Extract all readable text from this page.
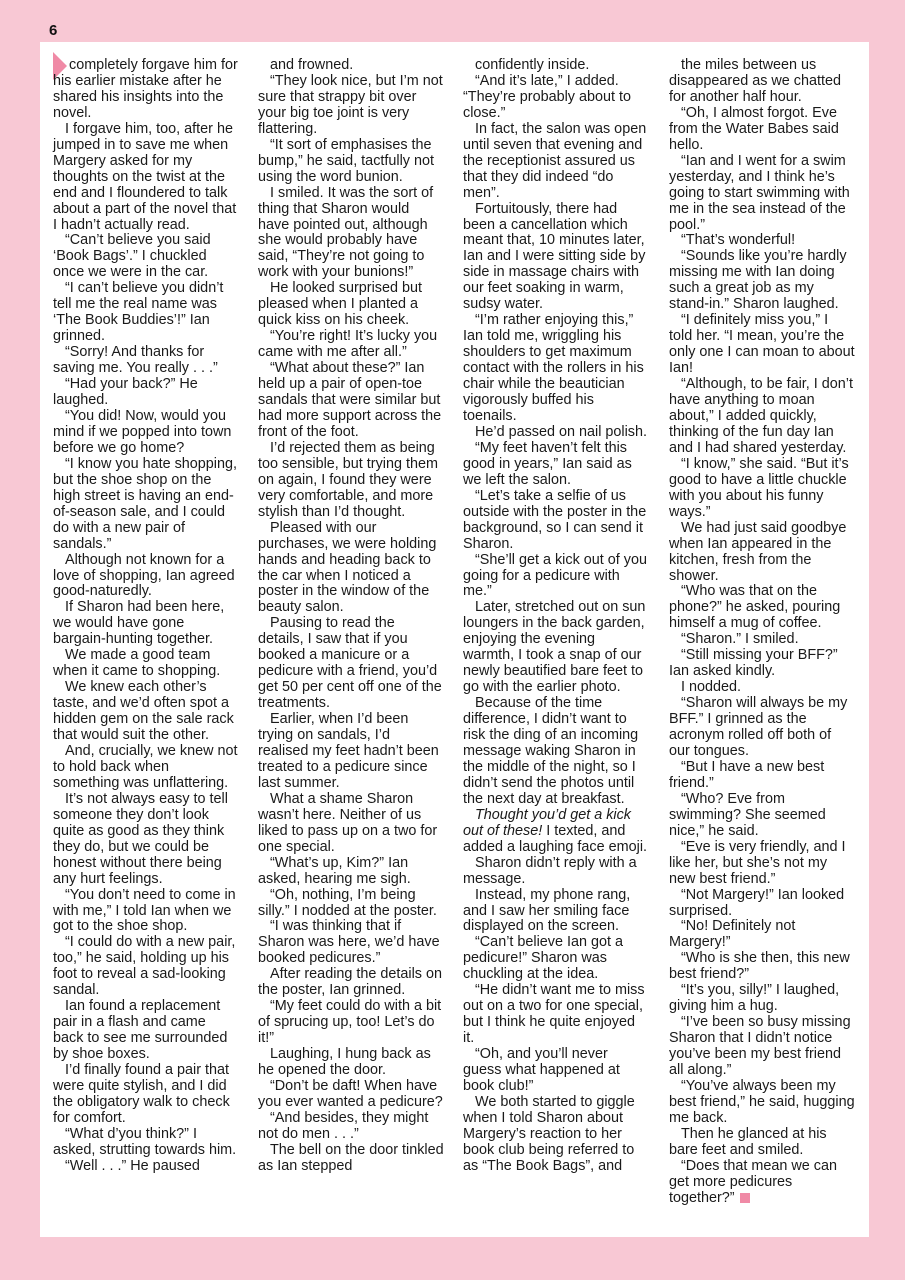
6

completely forgave him for his earlier mistake after he shared his insights into the novel.

I forgave him, too, after he jumped in to save me when Margery asked for my thoughts on the twist at the end and I floundered to talk about a part of the novel that I hadn’t actually read.

“Can’t believe you said ‘Book Bags’.” I chuckled once we were in the car.

“I can’t believe you didn’t tell me the real name was ‘The Book Buddies’!” Ian grinned.

“Sorry! And thanks for saving me. You really . . .”

“Had your back?” He laughed.

“You did! Now, would you mind if we popped into town before we go home?

“I know you hate shopping, but the shoe shop on the high street is having an end-of-season sale, and I could do with a new pair of sandals.”

Although not known for a love of shopping, Ian agreed good-naturedly.

If Sharon had been here, we would have gone bargain-hunting together.

We made a good team when it came to shopping.

We knew each other’s taste, and we’d often spot a hidden gem on the sale rack that would suit the other.

And, crucially, we knew not to hold back when something was unflattering.

It’s not always easy to tell someone they don’t look quite as good as they think they do, but we could be honest without there being any hurt feelings.

“You don’t need to come in with me,” I told Ian when we got to the shoe shop.

“I could do with a new pair, too,” he said, holding up his foot to reveal a sad-looking sandal.

Ian found a replacement pair in a flash and came back to see me surrounded by shoe boxes.

I’d finally found a pair that were quite stylish, and I did the obligatory walk to check for comfort.

“What d’you think?” I asked, strutting towards him.

“Well . . .” He paused

and frowned.

“They look nice, but I’m not sure that strappy bit over your big toe joint is very flattering.

“It sort of emphasises the bump,” he said, tactfully not using the word bunion.

I smiled. It was the sort of thing that Sharon would have pointed out, although she would probably have said, “They’re not going to work with your bunions!”

He looked surprised but pleased when I planted a quick kiss on his cheek.

“You’re right! It’s lucky you came with me after all.”

“What about these?” Ian held up a pair of open-toe sandals that were similar but had more support across the front of the foot.

I’d rejected them as being too sensible, but trying them on again, I found they were very comfortable, and more stylish than I’d thought.

Pleased with our purchases, we were holding hands and heading back to the car when I noticed a poster in the window of the beauty salon.

Pausing to read the details, I saw that if you booked a manicure or a pedicure with a friend, you’d get 50 per cent off one of the treatments.

Earlier, when I’d been trying on sandals, I’d realised my feet hadn’t been treated to a pedicure since last summer.

What a shame Sharon wasn’t here. Neither of us liked to pass up on a two for one special.

“What’s up, Kim?” Ian asked, hearing me sigh.

“Oh, nothing, I’m being silly.” I nodded at the poster.

“I was thinking that if Sharon was here, we’d have booked pedicures.”

After reading the details on the poster, Ian grinned.

“My feet could do with a bit of sprucing up, too! Let’s do it!”

Laughing, I hung back as he opened the door.

“Don’t be daft! When have you ever wanted a pedicure?

“And besides, they might not do men . . .”

The bell on the door tinkled as Ian stepped

confidently inside.

“And it’s late,” I added. “They’re probably about to close.”

In fact, the salon was open until seven that evening and the receptionist assured us that they did indeed “do men”.

Fortuitously, there had been a cancellation which meant that, 10 minutes later, Ian and I were sitting side by side in massage chairs with our feet soaking in warm, sudsy water.

“I’m rather enjoying this,” Ian told me, wriggling his shoulders to get maximum contact with the rollers in his chair while the beautician vigorously buffed his toenails.

He’d passed on nail polish.

“My feet haven’t felt this good in years,” Ian said as we left the salon.

“Let’s take a selfie of us outside with the poster in the background, so I can send it Sharon.

“She’ll get a kick out of you going for a pedicure with me.”

Later, stretched out on sun loungers in the back garden, enjoying the evening warmth, I took a snap of our newly beautified bare feet to go with the earlier photo.

Because of the time difference, I didn’t want to risk the ding of an incoming message waking Sharon in the middle of the night, so I didn’t send the photos until the next day at breakfast.

Thought you’d get a kick out of these! I texted, and added a laughing face emoji.

Sharon didn’t reply with a message.

Instead, my phone rang, and I saw her smiling face displayed on the screen.

“Can’t believe Ian got a pedicure!” Sharon was chuckling at the idea.

“He didn’t want me to miss out on a two for one special, but I think he quite enjoyed it.

“Oh, and you’ll never guess what happened at book club!”

We both started to giggle when I told Sharon about Margery’s reaction to her book club being referred to as “The Book Bags”, and

the miles between us disappeared as we chatted for another half hour.

“Oh, I almost forgot. Eve from the Water Babes said hello.

“Ian and I went for a swim yesterday, and I think he’s going to start swimming with me in the sea instead of the pool.”

“That’s wonderful!

“Sounds like you’re hardly missing me with Ian doing such a great job as my stand-in.” Sharon laughed.

“I definitely miss you,” I told her. “I mean, you’re the only one I can moan to about Ian!

“Although, to be fair, I don’t have anything to moan about,” I added quickly, thinking of the fun day Ian and I had shared yesterday.

“I know,” she said. “But it’s good to have a little chuckle with you about his funny ways.”

We had just said goodbye when Ian appeared in the kitchen, fresh from the shower.

“Who was that on the phone?” he asked, pouring himself a mug of coffee.

“Sharon.” I smiled.

“Still missing your BFF?” Ian asked kindly.

I nodded.

“Sharon will always be my BFF.” I grinned as the acronym rolled off both of our tongues.

“But I have a new best friend.”

“Who? Eve from swimming? She seemed nice,” he said.

“Eve is very friendly, and I like her, but she’s not my new best friend.”

“Not Margery!” Ian looked surprised.

“No! Definitely not Margery!”

“Who is she then, this new best friend?”

“It’s you, silly!” I laughed, giving him a hug.

“I’ve been so busy missing Sharon that I didn’t notice you’ve been my best friend all along.”

“You’ve always been my best friend,” he said, hugging me back.

Then he glanced at his bare feet and smiled.

“Does that mean we can get more pedicures together?”
